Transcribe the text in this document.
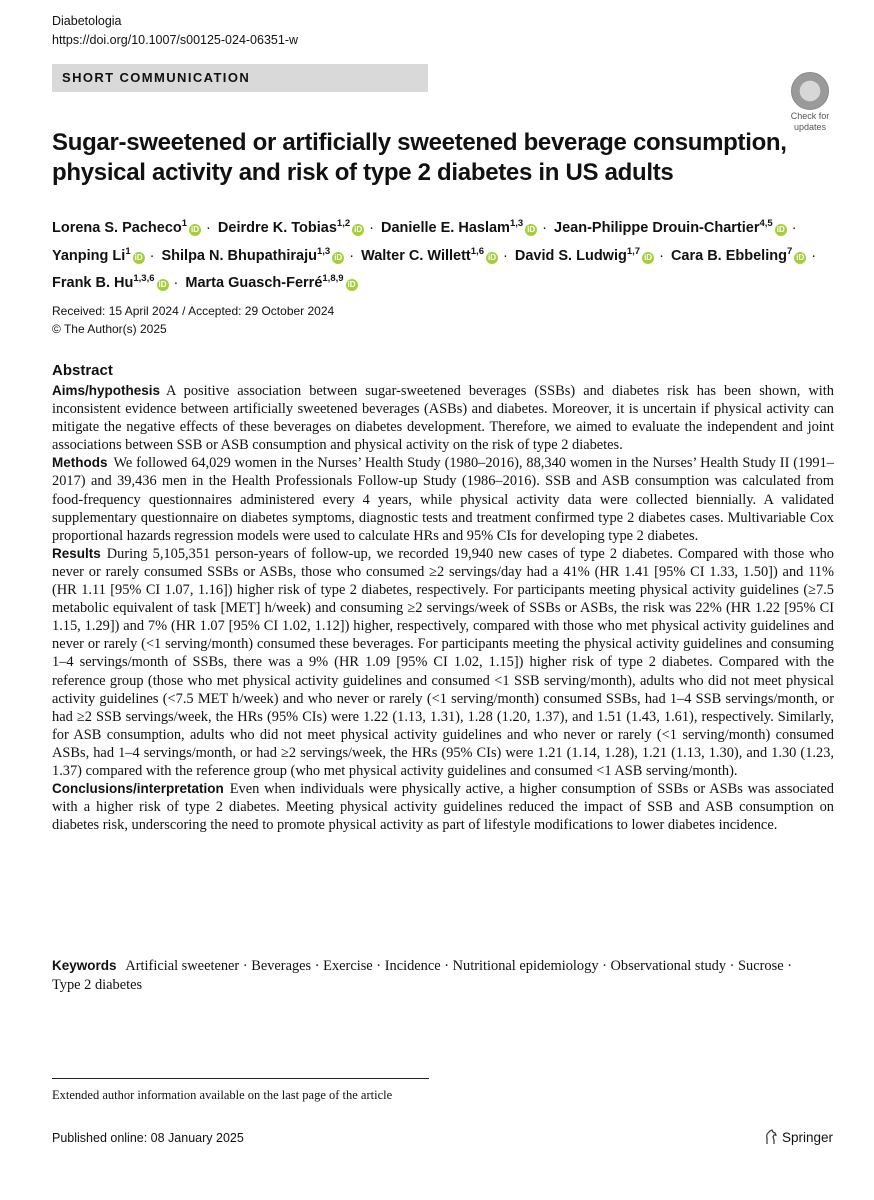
Diabetologia
https://doi.org/10.1007/s00125-024-06351-w
SHORT COMMUNICATION
Check for
updates
Sugar-sweetened or artificially sweetened beverage consumption, physical activity and risk of type 2 diabetes in US adults
Lorena S. Pacheco$^1$iD · Deirdre K. Tobias$^{1,2}$iD · Danielle E. Haslam$^{1,3}$iD · Jean-Philippe Drouin-Chartier$^{4,5}$iD · Yanping $Li^1iD$ · Shilpa N. Bhupathiraju$^{1,3}$iD · Walter C. Willett$^{1,6}$iD · David S. Ludwig$^{1,7}$iD · Cara B. Ebbeling$^7$iD · Frank B. Hu$^{1,3,6}$iD · Marta Guasch-Ferré$^{1,8,9}$iD
Received: 15 April 2024 / Accepted: 29 October 2024
© The Author(s) 2025
Abstract

Aims/hypothesis A positive association between sugar-sweetened beverages (SSBs) and diabetes risk has been shown, with inconsistent evidence between artificially sweetened beverages (ASBs) and diabetes. Moreover, it is uncertain if physical activity can mitigate the negative effects of these beverages on diabetes development. Therefore, we aimed to evaluate the independent and joint associations between SSB or ASB consumption and physical activity on the risk of type 2 diabetes.

Methods We followed 64,029 women in the Nurses’ Health Study (1980–2016), 88,340 women in the Nurses’ Health Study II (1991–2017) and 39,436 men in the Health Professionals Follow-up Study (1986–2016). SSB and ASB consumption was calculated from food-frequency questionnaires administered every 4 years, while physical activity data were collected biennially. A validated supplementary questionnaire on diabetes symptoms, diagnostic tests and treatment confirmed type 2 diabetes cases. Multivariable Cox proportional hazards regression models were used to calculate HRs and 95% CIs for developing type 2 diabetes.

Results During 5,105,351 person-years of follow-up, we recorded 19,940 new cases of type 2 diabetes. Compared with those who never or rarely consumed SSBs or ASBs, those who consumed ≥2 servings/day had a 41% (HR 1.41 [95% CI 1.33, 1.50]) and 11% (HR 1.11 [95% CI 1.07, 1.16]) higher risk of type 2 diabetes, respectively. For participants meeting physical activity guidelines (≥7.5 metabolic equivalent of task [MET] h/week) and consuming ≥2 servings/week of SSBs or ASBs, the risk was 22% (HR 1.22 [95% CI 1.15, 1.29]) and 7% (HR 1.07 [95% CI 1.02, 1.12]) higher, respectively, compared with those who met physical activity guidelines and never or rarely (<1 serving/month) consumed these beverages. For participants meeting the physical activity guidelines and consuming 1–4 servings/month of SSBs, there was a 9% (HR 1.09 [95% CI 1.02, 1.15]) higher risk of type 2 diabetes. Compared with the reference group (those who met physical activity guidelines and consumed <1 SSB serving/month), adults who did not meet physical activity guidelines (<7.5 MET h/week) and who never or rarely (<1 serving/month) consumed SSBs, had 1–4 SSB servings/month, or had ≥2 SSB servings/week, the HRs (95% CIs) were 1.22 (1.13, 1.31), 1.28 (1.20, 1.37), and 1.51 (1.43, 1.61), respectively. Similarly, for ASB consumption, adults who did not meet physical activity guidelines and who never or rarely (<1 serving/month) consumed ASBs, had 1–4 servings/month, or had ≥2 servings/week, the HRs (95% CIs) were 1.21 (1.14, 1.28), 1.21 (1.13, 1.30), and 1.30 (1.23, 1.37) compared with the reference group (who met physical activity guidelines and consumed <1 ASB serving/month).

Conclusions/interpretation Even when individuals were physically active, a higher consumption of SSBs or ASBs was associated with a higher risk of type 2 diabetes. Meeting physical activity guidelines reduced the impact of SSB and ASB consumption on diabetes risk, underscoring the need to promote physical activity as part of lifestyle modifications to lower diabetes incidence.

Keywords Artificial sweetener · Beverages · Exercise · Incidence · Nutritional epidemiology · Observational study · Sucrose · Type 2 diabetes
Extended author information available on the last page of the article
Published online: 08 January 2025	Springer
